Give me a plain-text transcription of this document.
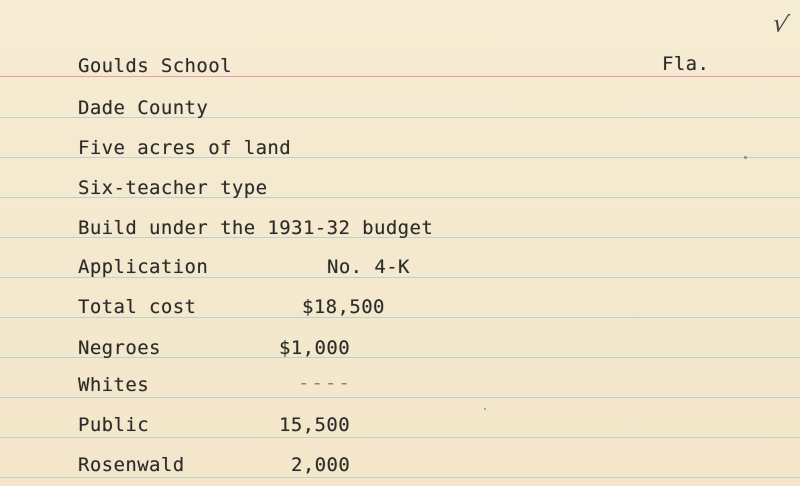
√
Goulds School	Fla.
Dade County
Five acres of land
Six-teacher type
Build under the 1931-32 budget
Application	No. 4-K
Total cost	$18,500
Negroes	$1,000
Whites	----
Public	15,500
Rosenwald	2,000
